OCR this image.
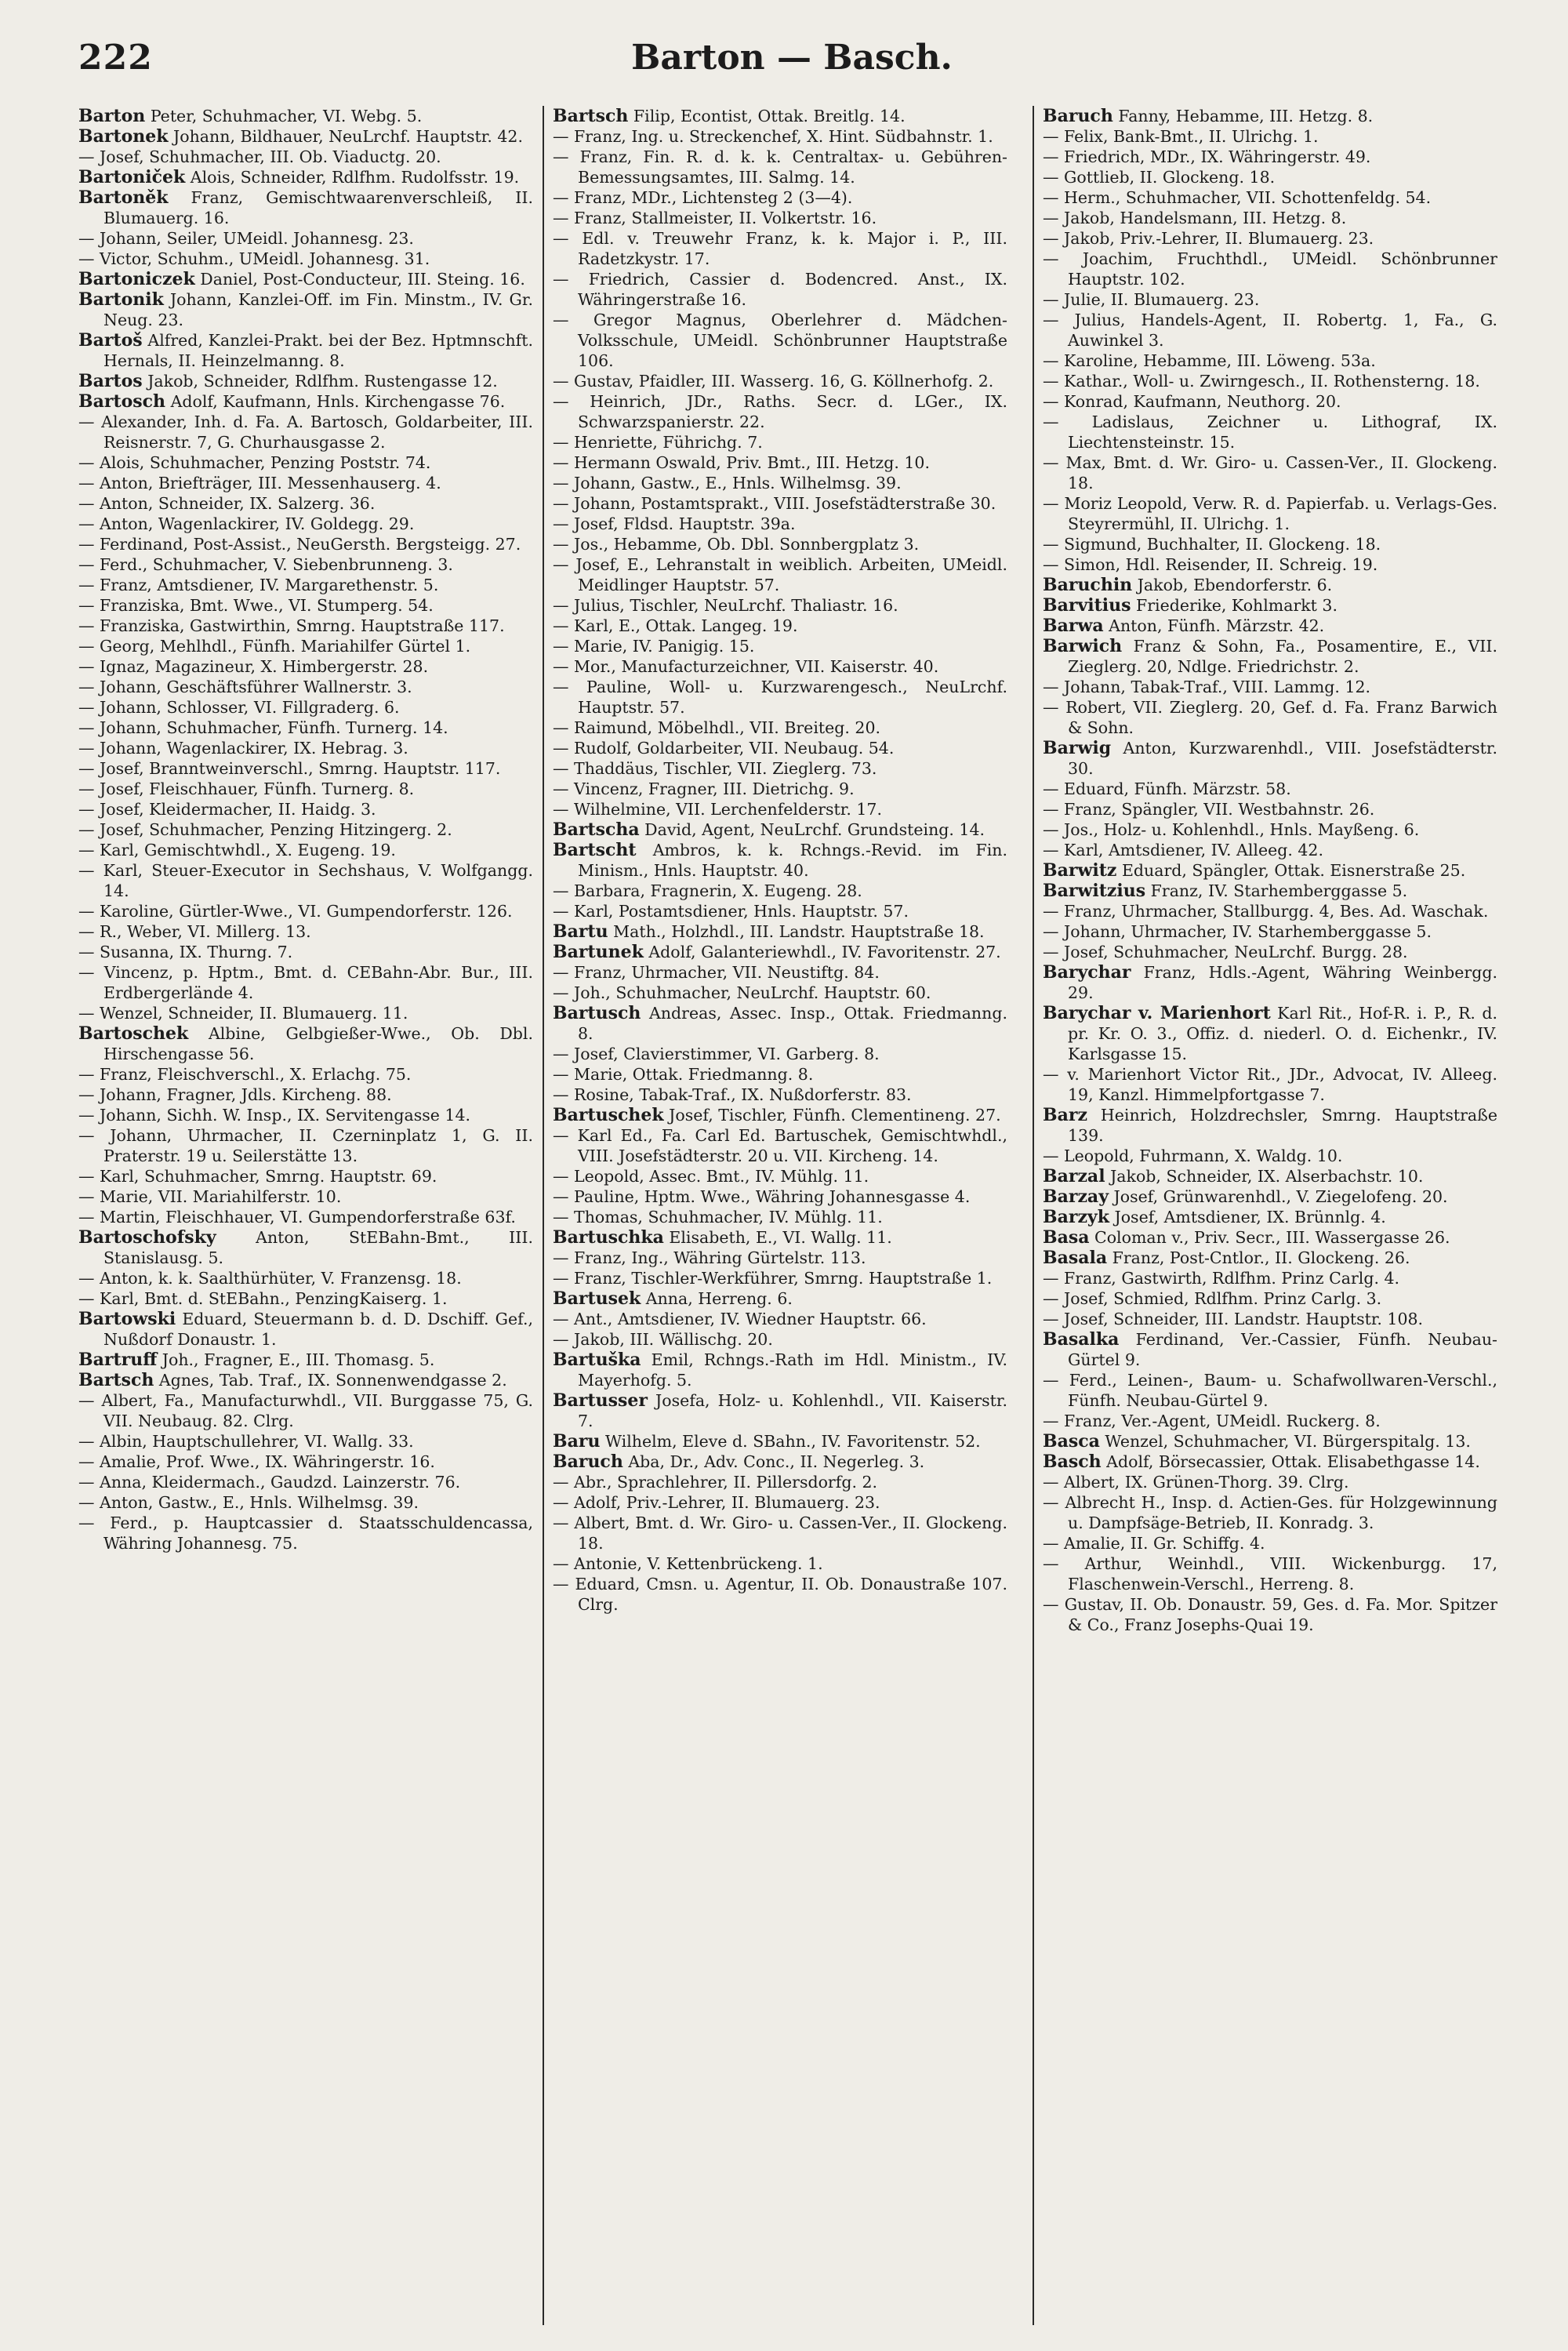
222	Barton — Basch.

Barton Peter, Schuhmacher, VI. Webg. 5.

Bartonek Johann, Bildhauer, NeuLrchf. Hauptstr. 42.

— Josef, Schuhmacher, III. Ob. Viaductg. 20.

Bartoniček Alois, Schneider, Rdlfhm. Rudolfsstr. 19.

Bartoněk Franz, Gemischtwaarenverschleiß, II. Blumauerg. 16.

— Johann, Seiler, UMeidl. Johannesg. 23.

— Victor, Schuhm., UMeidl. Johannesg. 31.

Bartoniczek Daniel, Post-Conducteur, III. Steing. 16.

Bartonik Johann, Kanzlei-Off. im Fin. Minstm., IV. Gr. Neug. 23.

Bartoš Alfred, Kanzlei-Prakt. bei der Bez. Hptmnschft. Hernals, II. Heinzelmanng. 8.

Bartos Jakob, Schneider, Rdlfhm. Rustengasse 12.

Bartosch Adolf, Kaufmann, Hnls. Kirchengasse 76.

— Alexander, Inh. d. Fa. A. Bartosch, Goldarbeiter, III. Reisnerstr. 7, G. Churhausgasse 2.

— Alois, Schuhmacher, Penzing Poststr. 74.

— Anton, Briefträger, III. Messenhauserg. 4.

— Anton, Schneider, IX. Salzerg. 36.

— Anton, Wagenlackirer, IV. Goldegg. 29.

— Ferdinand, Post-Assist., NeuGersth. Bergsteigg. 27.

— Ferd., Schuhmacher, V. Siebenbrunneng. 3.

— Franz, Amtsdiener, IV. Margarethenstr. 5.

— Franziska, Bmt. Wwe., VI. Stumperg. 54.

— Franziska, Gastwirthin, Smrng. Hauptstraße 117.

— Georg, Mehlhdl., Fünfh. Mariahilfer Gürtel 1.

— Ignaz, Magazineur, X. Himbergerstr. 28.

— Johann, Geschäftsführer Wallnerstr. 3.

— Johann, Schlosser, VI. Fillgraderg. 6.

— Johann, Schuhmacher, Fünfh. Turnerg. 14.

— Johann, Wagenlackirer, IX. Hebrag. 3.

— Josef, Branntweinverschl., Smrng. Hauptstr. 117.

— Josef, Fleischhauer, Fünfh. Turnerg. 8.

— Josef, Kleidermacher, II. Haidg. 3.

— Josef, Schuhmacher, Penzing Hitzingerg. 2.

— Karl, Gemischtwhdl., X. Eugeng. 19.

— Karl, Steuer-Executor in Sechshaus, V. Wolfgangg. 14.

— Karoline, Gürtler-Wwe., VI. Gumpendorferstr. 126.

— R., Weber, VI. Millerg. 13.

— Susanna, IX. Thurng. 7.

— Vincenz, p. Hptm., Bmt. d. CEBahn-Abr. Bur., III. Erdbergerlände 4.

— Wenzel, Schneider, II. Blumauerg. 11.

Bartoschek Albine, Gelbgießer-Wwe., Ob. Dbl. Hirschengasse 56.

— Franz, Fleischverschl., X. Erlachg. 75.

— Johann, Fragner, Jdls. Kircheng. 88.

— Johann, Sichh. W. Insp., IX. Servitengasse 14.

— Johann, Uhrmacher, II. Czerninplatz 1, G. II. Praterstr. 19 u. Seilerstätte 13.

— Karl, Schuhmacher, Smrng. Hauptstr. 69.

— Marie, VII. Mariahilferstr. 10.

— Martin, Fleischhauer, VI. Gumpendorferstraße 63f.

Bartoschofsky Anton, StEBahn-Bmt., III. Stanislausg. 5.

— Anton, k. k. Saalthürhüter, V. Franzensg. 18.

— Karl, Bmt. d. StEBahn., PenzingKaiserg. 1.

Bartowski Eduard, Steuermann b. d. D. Dschiff. Gef., Nußdorf Donaustr. 1.

Bartruff Joh., Fragner, E., III. Thomasg. 5.

Bartsch Agnes, Tab. Traf., IX. Sonnenwendgasse 2.

— Albert, Fa., Manufacturwhdl., VII. Burggasse 75, G. VII. Neubaug. 82. Clrg.

— Albin, Hauptschullehrer, VI. Wallg. 33.

— Amalie, Prof. Wwe., IX. Währingerstr. 16.

— Anna, Kleidermach., Gaudzd. Lainzerstr. 76.

— Anton, Gastw., E., Hnls. Wilhelmsg. 39.

— Ferd., p. Hauptcassier d. Staatsschuldencassa, Währing Johannesg. 75.

Bartsch Filip, Econtist, Ottak. Breitlg. 14.

— Franz, Ing. u. Streckenchef, X. Hint. Südbahnstr. 1.

— Franz, Fin. R. d. k. k. Centraltax- u. Gebühren-Bemessungsamtes, III. Salmg. 14.

— Franz, MDr., Lichtensteg 2 (3—4).

— Franz, Stallmeister, II. Volkertstr. 16.

— Edl. v. Treuwehr Franz, k. k. Major i. P., III. Radetzkystr. 17.

— Friedrich, Cassier d. Bodencred. Anst., IX. Währingerstraße 16.

— Gregor Magnus, Oberlehrer d. Mädchen-Volksschule, UMeidl. Schönbrunner Hauptstraße 106.

— Gustav, Pfaidler, III. Wasserg. 16, G. Köllnerhofg. 2.

— Heinrich, JDr., Raths. Secr. d. LGer., IX. Schwarzspanierstr. 22.

— Henriette, Führichg. 7.

— Hermann Oswald, Priv. Bmt., III. Hetzg. 10.

— Johann, Gastw., E., Hnls. Wilhelmsg. 39.

— Johann, Postamtsprakt., VIII. Josefstädterstraße 30.

— Josef, Fldsd. Hauptstr. 39a.

— Jos., Hebamme, Ob. Dbl. Sonnbergplatz 3.

— Josef, E., Lehranstalt in weiblich. Arbeiten, UMeidl. Meidlinger Hauptstr. 57.

— Julius, Tischler, NeuLrchf. Thaliastr. 16.

— Karl, E., Ottak. Langeg. 19.

— Marie, IV. Panigig. 15.

— Mor., Manufacturzeichner, VII. Kaiserstr. 40.

— Pauline, Woll- u. Kurzwarengesch., NeuLrchf. Hauptstr. 57.

— Raimund, Möbelhdl., VII. Breiteg. 20.

— Rudolf, Goldarbeiter, VII. Neubaug. 54.

— Thaddäus, Tischler, VII. Zieglerg. 73.

— Vincenz, Fragner, III. Dietrichg. 9.

— Wilhelmine, VII. Lerchenfelderstr. 17.

Bartscha David, Agent, NeuLrchf. Grundsteing. 14.

Bartscht Ambros, k. k. Rchngs.-Revid. im Fin. Minism., Hnls. Hauptstr. 40.

— Barbara, Fragnerin, X. Eugeng. 28.

— Karl, Postamtsdiener, Hnls. Hauptstr. 57.

Bartu Math., Holzhdl., III. Landstr. Hauptstraße 18.

Bartunek Adolf, Galanteriewhdl., IV. Favoritenstr. 27.

— Franz, Uhrmacher, VII. Neustiftg. 84.

— Joh., Schuhmacher, NeuLrchf. Hauptstr. 60.

Bartusch Andreas, Assec. Insp., Ottak. Friedmanng. 8.

— Josef, Clavierstimmer, VI. Garberg. 8.

— Marie, Ottak. Friedmanng. 8.

— Rosine, Tabak-Traf., IX. Nußdorferstr. 83.

Bartuschek Josef, Tischler, Fünfh. Clementineng. 27.

— Karl Ed., Fa. Carl Ed. Bartuschek, Gemischtwhdl., VIII. Josefstädterstr. 20 u. VII. Kircheng. 14.

— Leopold, Assec. Bmt., IV. Mühlg. 11.

— Pauline, Hptm. Wwe., Währing Johannesgasse 4.

— Thomas, Schuhmacher, IV. Mühlg. 11.

Bartuschka Elisabeth, E., VI. Wallg. 11.

— Franz, Ing., Währing Gürtelstr. 113.

— Franz, Tischler-Werkführer, Smrng. Hauptstraße 1.

Bartusek Anna, Herreng. 6.

— Ant., Amtsdiener, IV. Wiedner Hauptstr. 66.

— Jakob, III. Wällischg. 20.

Bartuška Emil, Rchngs.-Rath im Hdl. Ministm., IV. Mayerhofg. 5.

Bartusser Josefa, Holz- u. Kohlenhdl., VII. Kaiserstr. 7.

Baru Wilhelm, Eleve d. SBahn., IV. Favoritenstr. 52.

Baruch Aba, Dr., Adv. Conc., II. Negerleg. 3.

— Abr., Sprachlehrer, II. Pillersdorfg. 2.

— Adolf, Priv.-Lehrer, II. Blumauerg. 23.

— Albert, Bmt. d. Wr. Giro- u. Cassen-Ver., II. Glockeng. 18.

— Antonie, V. Kettenbrückeng. 1.

— Eduard, Cmsn. u. Agentur, II. Ob. Donaustraße 107. Clrg.

Baruch Fanny, Hebamme, III. Hetzg. 8.

— Felix, Bank-Bmt., II. Ulrichg. 1.

— Friedrich, MDr., IX. Währingerstr. 49.

— Gottlieb, II. Glockeng. 18.

— Herm., Schuhmacher, VII. Schottenfeldg. 54.

— Jakob, Handelsmann, III. Hetzg. 8.

— Jakob, Priv.-Lehrer, II. Blumauerg. 23.

— Joachim, Fruchthdl., UMeidl. Schönbrunner Hauptstr. 102.

— Julie, II. Blumauerg. 23.

— Julius, Handels-Agent, II. Robertg. 1, Fa., G. Auwinkel 3.

— Karoline, Hebamme, III. Löweng. 53a.

— Kathar., Woll- u. Zwirngesch., II. Rothensterng. 18.

— Konrad, Kaufmann, Neuthorg. 20.

— Ladislaus, Zeichner u. Lithograf, IX. Liechtensteinstr. 15.

— Max, Bmt. d. Wr. Giro- u. Cassen-Ver., II. Glockeng. 18.

— Moriz Leopold, Verw. R. d. Papierfab. u. Verlags-Ges. Steyrermühl, II. Ulrichg. 1.

— Sigmund, Buchhalter, II. Glockeng. 18.

— Simon, Hdl. Reisender, II. Schreig. 19.

Baruchin Jakob, Ebendorferstr. 6.

Barvitius Friederike, Kohlmarkt 3.

Barwa Anton, Fünfh. Märzstr. 42.

Barwich Franz & Sohn, Fa., Posamentire, E., VII. Zieglerg. 20, Ndlge. Friedrichstr. 2.

— Johann, Tabak-Traf., VIII. Lammg. 12.

— Robert, VII. Zieglerg. 20, Gef. d. Fa. Franz Barwich & Sohn.

Barwig Anton, Kurzwarenhdl., VIII. Josefstädterstr. 30.

— Eduard, Fünfh. Märzstr. 58.

— Franz, Spängler, VII. Westbahnstr. 26.

— Jos., Holz- u. Kohlenhdl., Hnls. Mayßeng. 6.

— Karl, Amtsdiener, IV. Alleeg. 42.

Barwitz Eduard, Spängler, Ottak. Eisnerstraße 25.

Barwitzius Franz, IV. Starhemberggasse 5.

— Franz, Uhrmacher, Stallburgg. 4, Bes. Ad. Waschak.

— Johann, Uhrmacher, IV. Starhemberggasse 5.

— Josef, Schuhmacher, NeuLrchf. Burgg. 28.

Barychar Franz, Hdls.-Agent, Währing Weinbergg. 29.

Barychar v. Marienhort Karl Rit., Hof-R. i. P., R. d. pr. Kr. O. 3., Offiz. d. niederl. O. d. Eichenkr., IV. Karlsgasse 15.

— v. Marienhort Victor Rit., JDr., Advocat, IV. Alleeg. 19, Kanzl. Himmelpfortgasse 7.

Barz Heinrich, Holzdrechsler, Smrng. Hauptstraße 139.

— Leopold, Fuhrmann, X. Waldg. 10.

Barzal Jakob, Schneider, IX. Alserbachstr. 10.

Barzay Josef, Grünwarenhdl., V. Ziegelofeng. 20.

Barzyk Josef, Amtsdiener, IX. Brünnlg. 4.

Basa Coloman v., Priv. Secr., III. Wassergasse 26.

Basala Franz, Post-Cntlor., II. Glockeng. 26.

— Franz, Gastwirth, Rdlfhm. Prinz Carlg. 4.

— Josef, Schmied, Rdlfhm. Prinz Carlg. 3.

— Josef, Schneider, III. Landstr. Hauptstr. 108.

Basalka Ferdinand, Ver.-Cassier, Fünfh. Neubau-Gürtel 9.

— Ferd., Leinen-, Baum- u. Schafwollwaren-Verschl., Fünfh. Neubau-Gürtel 9.

— Franz, Ver.-Agent, UMeidl. Ruckerg. 8.

Basca Wenzel, Schuhmacher, VI. Bürgerspitalg. 13.

Basch Adolf, Börsecassier, Ottak. Elisabethgasse 14.

— Albert, IX. Grünen-Thorg. 39. Clrg.

— Albrecht H., Insp. d. Actien-Ges. für Holzgewinnung u. Dampfsäge-Betrieb, II. Konradg. 3.

— Amalie, II. Gr. Schiffg. 4.

— Arthur, Weinhdl., VIII. Wickenburgg. 17, Flaschenwein-Verschl., Herreng. 8.

— Gustav, II. Ob. Donaustr. 59, Ges. d. Fa. Mor. Spitzer & Co., Franz Josephs-Quai 19.
